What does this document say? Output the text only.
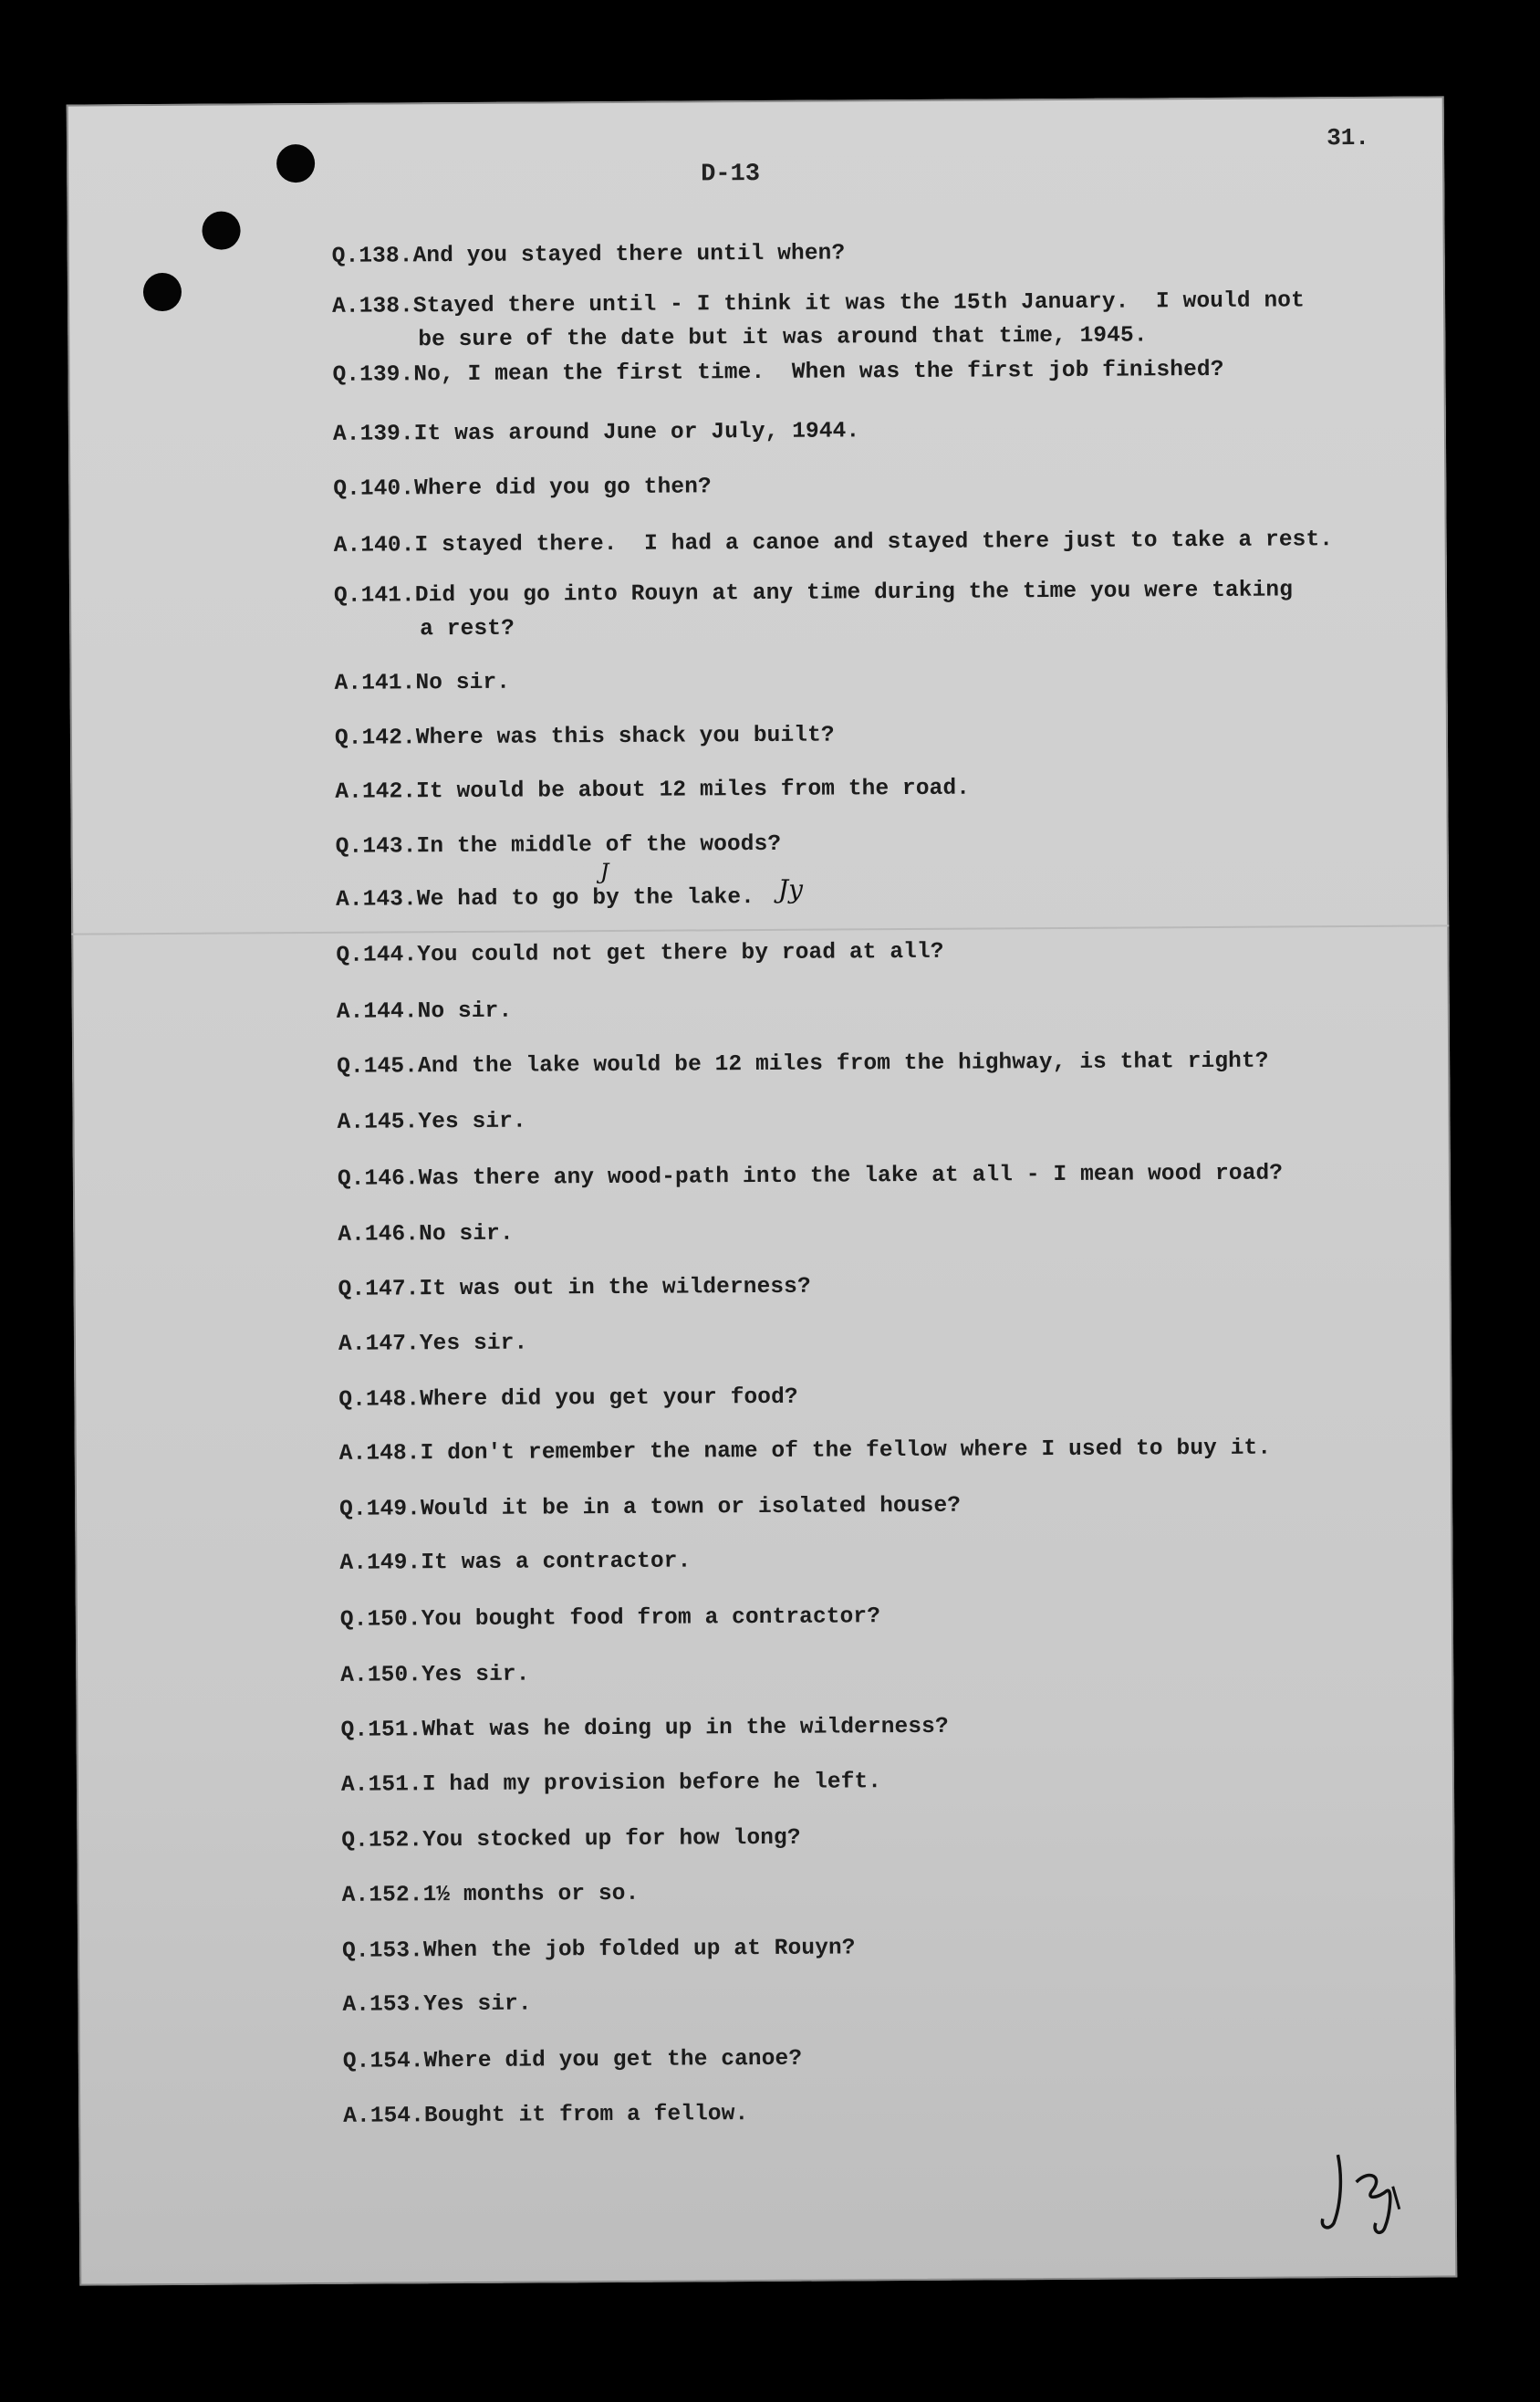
31.
D-13
Q.138.And you stayed there until when?
A.138.Stayed there until - I think it was the 15th January.  I would not
be sure of the date but it was around that time, 1945.
Q.139.No, I mean the first time.  When was the first job finished?
A.139.It was around June or July, 1944.
Q.140.Where did you go then?
A.140.I stayed there.  I had a canoe and stayed there just to take a rest.
Q.141.Did you go into Rouyn at any time during the time you were taking
a rest?
A.141.No sir.
Q.142.Where was this shack you built?
A.142.It would be about 12 miles from the road.
Q.143.In the middle of the woods?
A.143.We had to go by the lake.
Q.144.You could not get there by road at all?
A.144.No sir.
Q.145.And the lake would be 12 miles from the highway, is that right?
A.145.Yes sir.
Q.146.Was there any wood-path into the lake at all - I mean wood road?
A.146.No sir.
Q.147.It was out in the wilderness?
A.147.Yes sir.
Q.148.Where did you get your food?
A.148.I don't remember the name of the fellow where I used to buy it.
Q.149.Would it be in a town or isolated house?
A.149.It was a contractor.
Q.150.You bought food from a contractor?
A.150.Yes sir.
Q.151.What was he doing up in the wilderness?
A.151.I had my provision before he left.
Q.152.You stocked up for how long?
A.152.1½ months or so.
Q.153.When the job folded up at Rouyn?
A.153.Yes sir.
Q.154.Where did you get the canoe?
A.154.Bought it from a fellow.
J
Jy
